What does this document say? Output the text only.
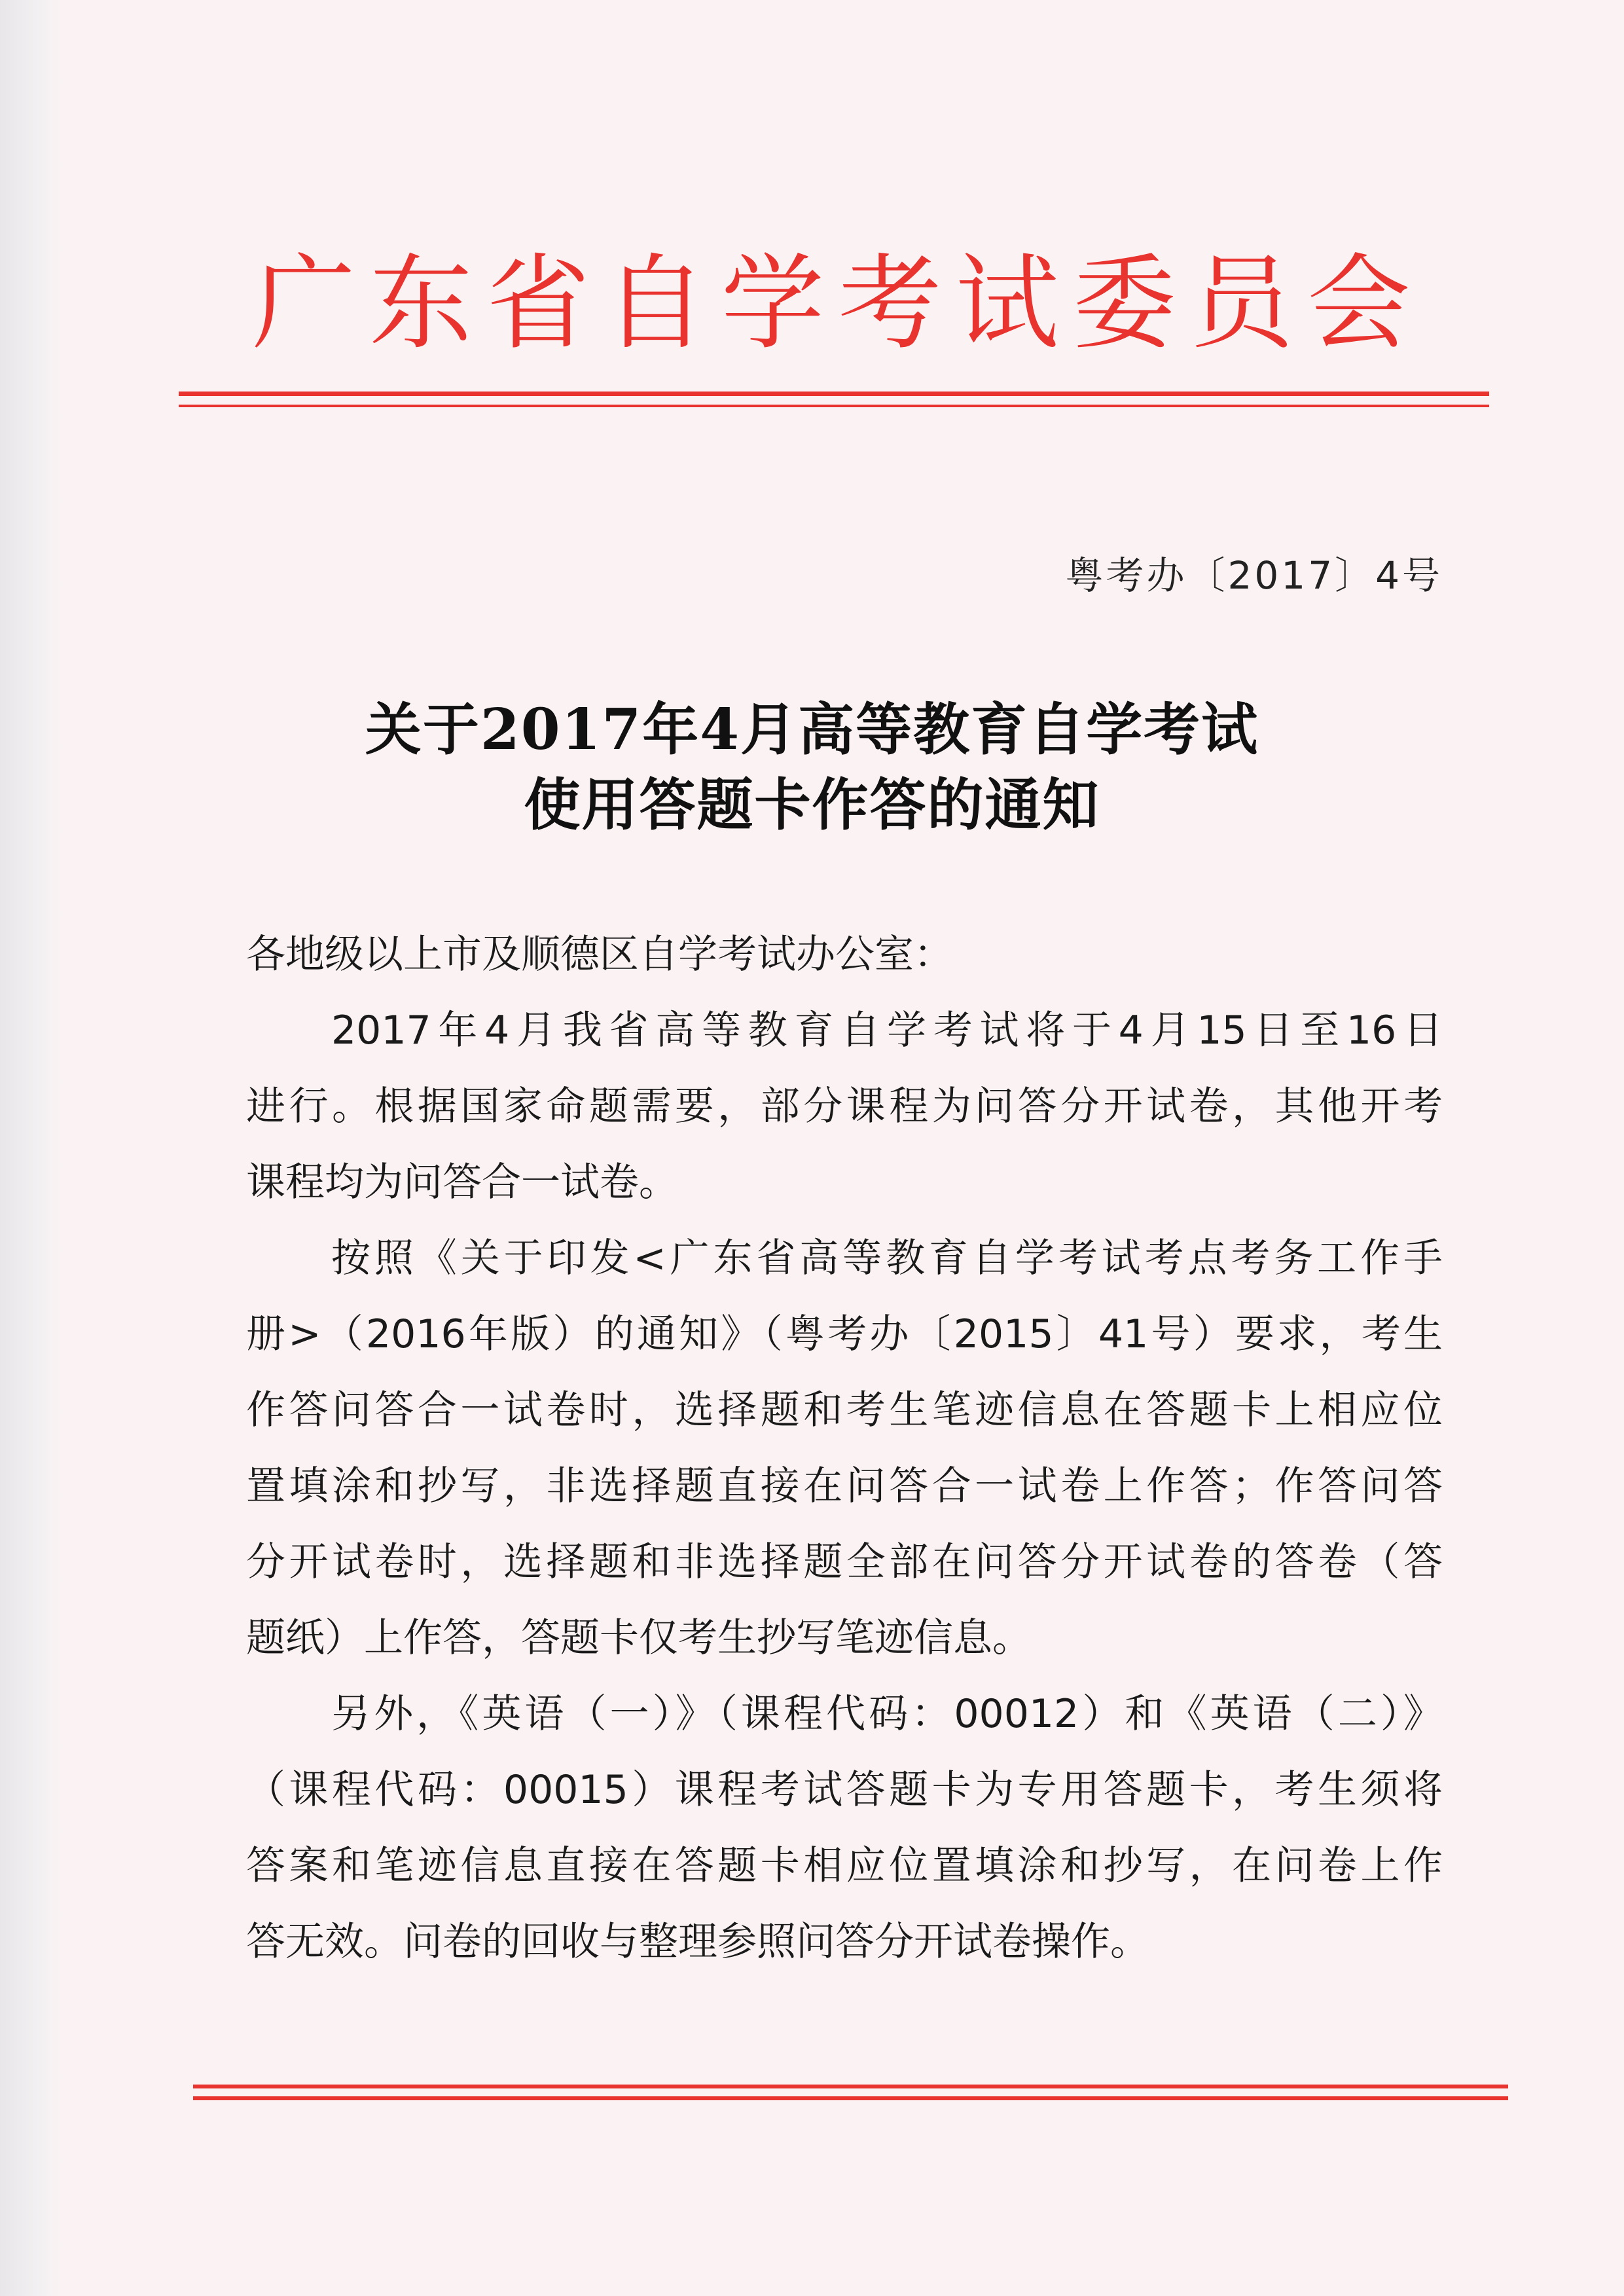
广东省自学考试委员会
粤考办〔2017〕4号
关于2017年4月高等教育自学考试
使用答题卡作答的通知
各地级以上市及顺德区自学考试办公室：
2017年4月我省高等教育自学考试将于4月15日至16日
进行。根据国家命题需要，部分课程为问答分开试卷，其他开考
课程均为问答合一试卷。
按照《关于印发<广东省高等教育自学考试考点考务工作手
册>（2016年版）的通知》（粤考办〔2015〕41号）要求，考生
作答问答合一试卷时，选择题和考生笔迹信息在答题卡上相应位
置填涂和抄写，非选择题直接在问答合一试卷上作答；作答问答
分开试卷时，选择题和非选择题全部在问答分开试卷的答卷（答
题纸）上作答，答题卡仅考生抄写笔迹信息。
另外，《英语（一）》（课程代码：00012）和《英语（二）》
（课程代码：00015）课程考试答题卡为专用答题卡，考生须将
答案和笔迹信息直接在答题卡相应位置填涂和抄写，在问卷上作
答无效。问卷的回收与整理参照问答分开试卷操作。
